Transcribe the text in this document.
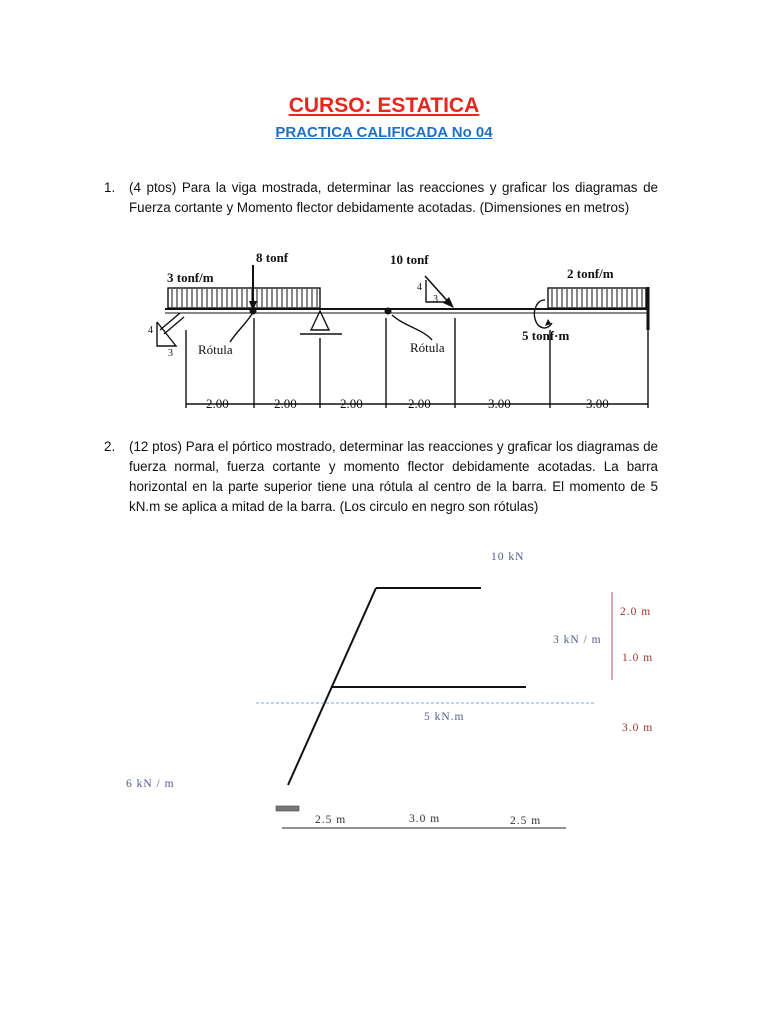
CURSO: ESTATICA
PRACTICA CALIFICADA No 04
1. (4 ptos) Para la viga mostrada, determinar las reacciones y graficar los diagramas de Fuerza cortante y Momento flector debidamente acotadas. (Dimensiones en metros)
2. (12 ptos) Para el pórtico mostrado, determinar las reacciones y graficar los diagramas de fuerza normal, fuerza cortante y momento flector debidamente acotadas. La barra horizontal en la parte superior tiene una rótula al centro de la barra. El momento de 5 kN.m se aplica a mitad de la barra. (Los circulo en negro son rótulas)
3 tonf/m
8 tonf	10 tonf
2 tonf/m
5 tonf·m
Rótula	Rótula
4
3
4
3
2.00	2.00	2.00	2.00	3.00	3.00
10 kN
3 kN / m
6 kN / m
5 kN.m
2.0 m
1.0 m
3.0 m
2.5 m	3.0 m	2.5 m
